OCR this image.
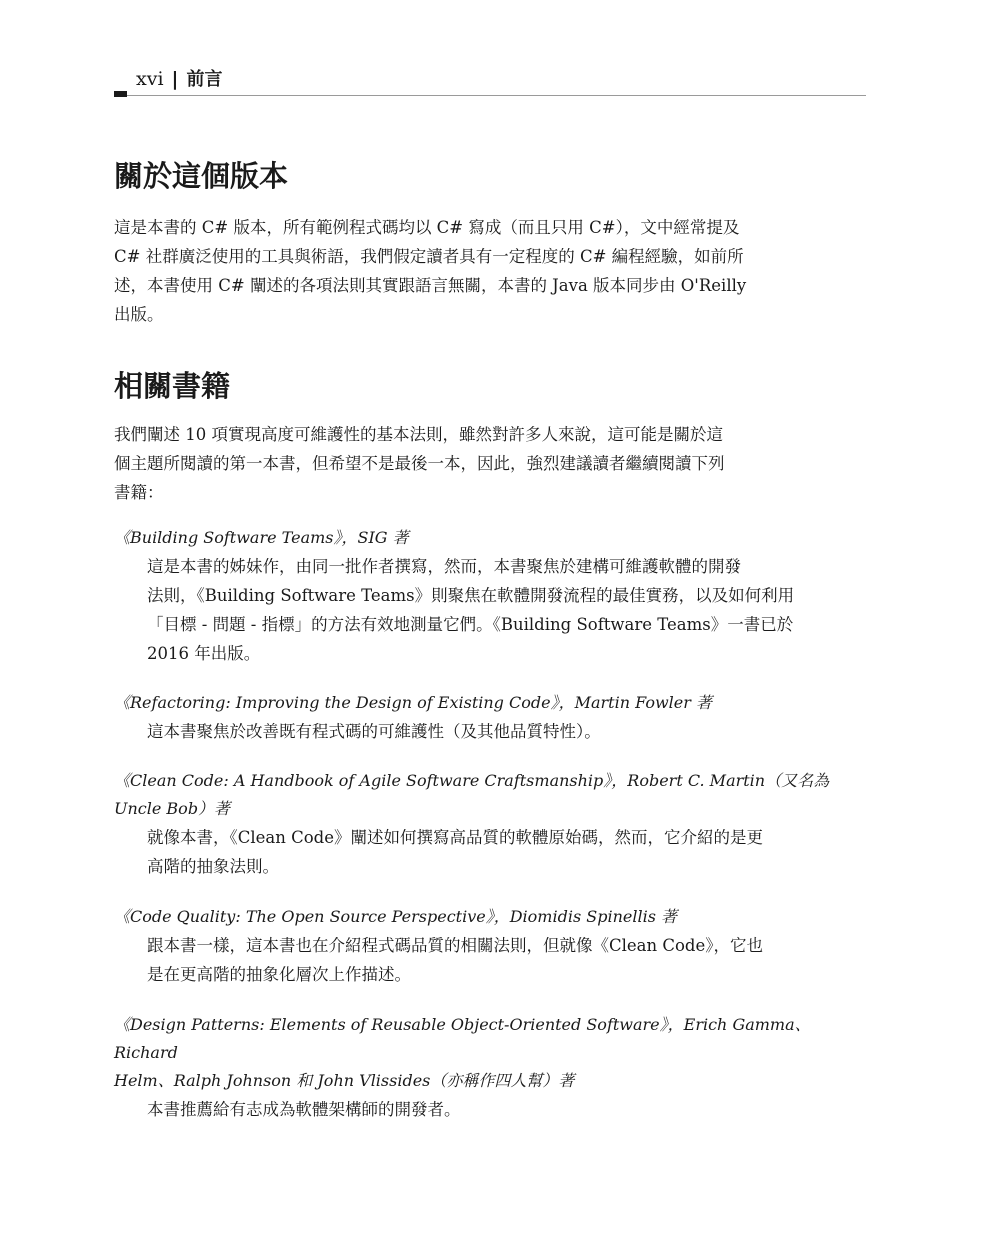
xvi | 前言
關於這個版本

這是本書的 C# 版本，所有範例程式碼均以 C# 寫成（而且只用 C#），文中經常提及
C# 社群廣泛使用的工具與術語，我們假定讀者具有一定程度的 C# 編程經驗，如前所
述，本書使用 C# 闡述的各項法則其實跟語言無關，本書的 Java 版本同步由 O'Reilly
出版。

相關書籍

我們闡述 10 項實現高度可維護性的基本法則，雖然對許多人來說，這可能是關於這
個主題所閱讀的第一本書，但希望不是最後一本，因此，強烈建議讀者繼續閱讀下列
書籍：

《Building Software Teams》，SIG 著

這是本書的姊妹作，由同一批作者撰寫，然而，本書聚焦於建構可維護軟體的開發
法則，《Building Software Teams》則聚焦在軟體開發流程的最佳實務，以及如何利用
「目標 - 問題 - 指標」的方法有效地測量它們。《Building Software Teams》一書已於
2016 年出版。

《Refactoring: Improving the Design of Existing Code》，Martin Fowler 著

這本書聚焦於改善既有程式碼的可維護性（及其他品質特性）。

《Clean Code: A Handbook of Agile Software Craftsmanship》，Robert C. Martin（又名為
Uncle Bob）著

就像本書，《Clean Code》闡述如何撰寫高品質的軟體原始碼，然而，它介紹的是更
高階的抽象法則。

《Code Quality: The Open Source Perspective》，Diomidis Spinellis 著

跟本書一樣，這本書也在介紹程式碼品質的相關法則，但就像《Clean Code》，它也
是在更高階的抽象化層次上作描述。

《Design Patterns: Elements of Reusable Object-Oriented Software》，Erich Gamma、Richard
Helm、Ralph Johnson 和 John Vlissides（亦稱作四人幫）著

本書推薦給有志成為軟體架構師的開發者。
